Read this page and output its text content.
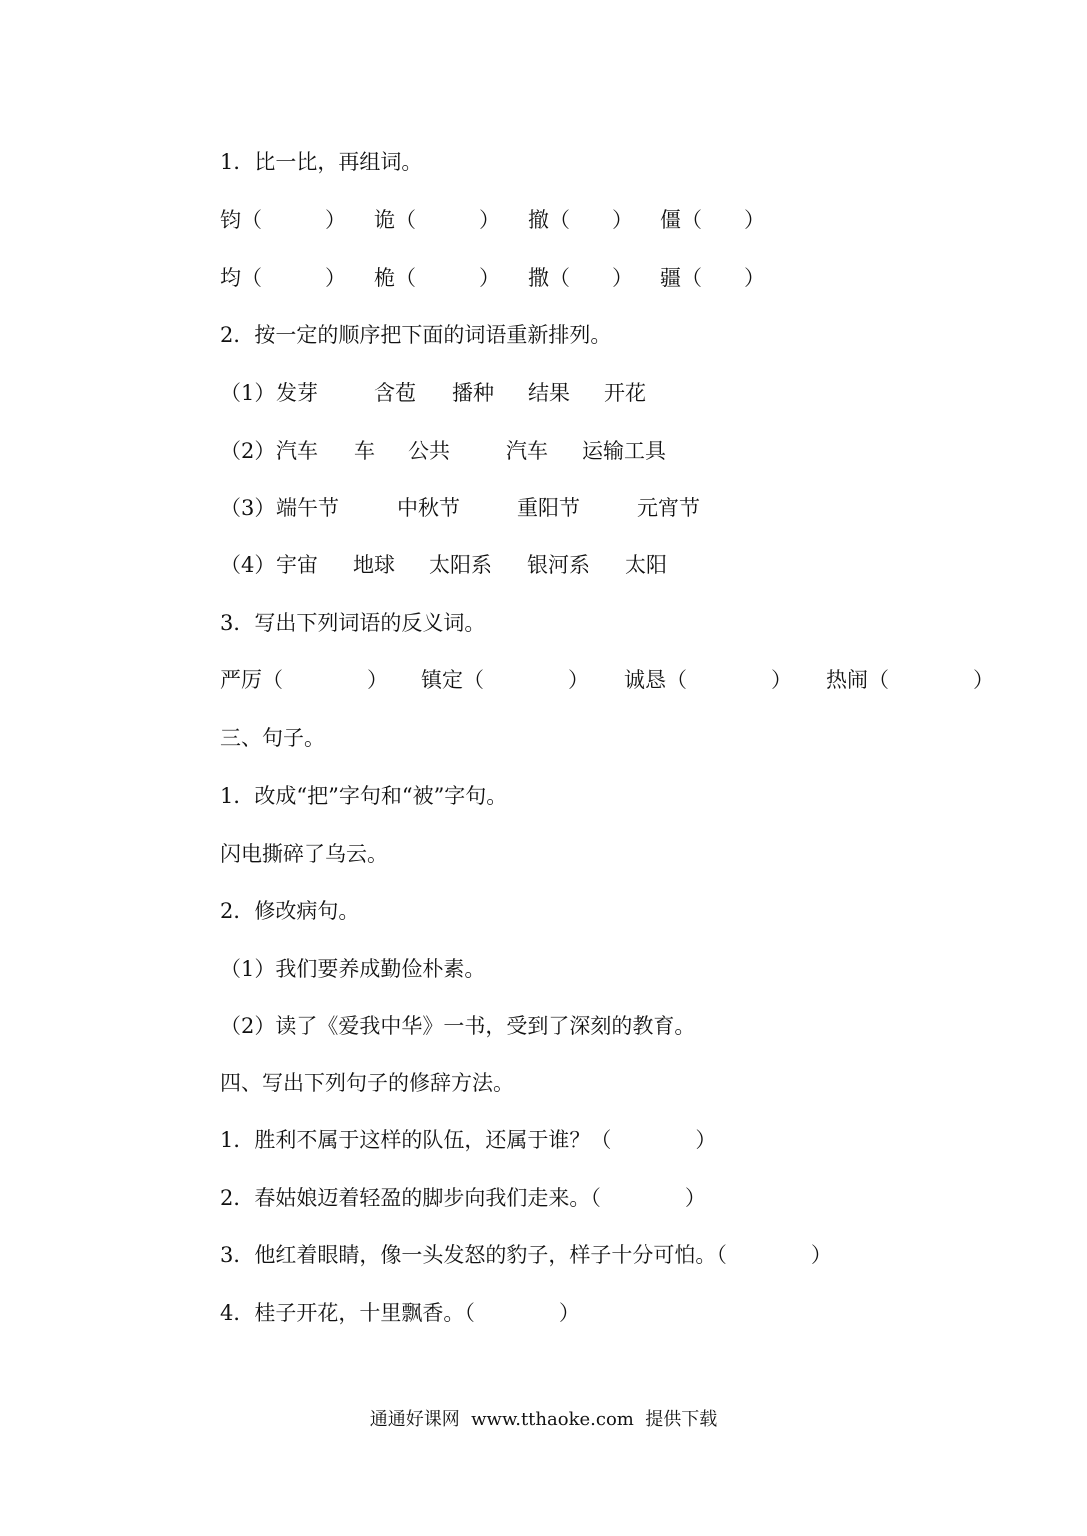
1．比一比，再组词。
钧（　　　） 诡（　　　） 撤（　　） 僵（　　）
均（　　　） 桅（　　　） 撒（　　） 疆（　　）
2．按一定的顺序把下面的词语重新排列。
（1） 发芽	含苞 播种 结果 开花
（2） 汽车 车 公共	汽车 运输工具
（3） 端午节	中秋节	重阳节	元宵节
（4） 宇宙 地球 太阳系 银河系 太阳
3．写出下列词语的反义词。
严厉（　　　　） 镇定（　　　　） 诚恳（　　　　） 热闹（　　　　）
三、句子。
1．改成“把”字句和“被”字句。
闪电撕碎了乌云。
2．修改病句。
（1）我们要养成勤俭朴素。
（2）读了《爱我中华》一书，受到了深刻的教育。
四、写出下列句子的修辞方法。
1．胜利不属于这样的队伍，还属于谁？（　　　　）
2．春姑娘迈着轻盈的脚步向我们走来。（　　　　）
3．他红着眼睛，像一头发怒的豹子，样子十分可怕。（　　　　）
4．桂子开花，十里飘香。（　　　　）
通通好课网  www.tthaoke.com  提供下载
